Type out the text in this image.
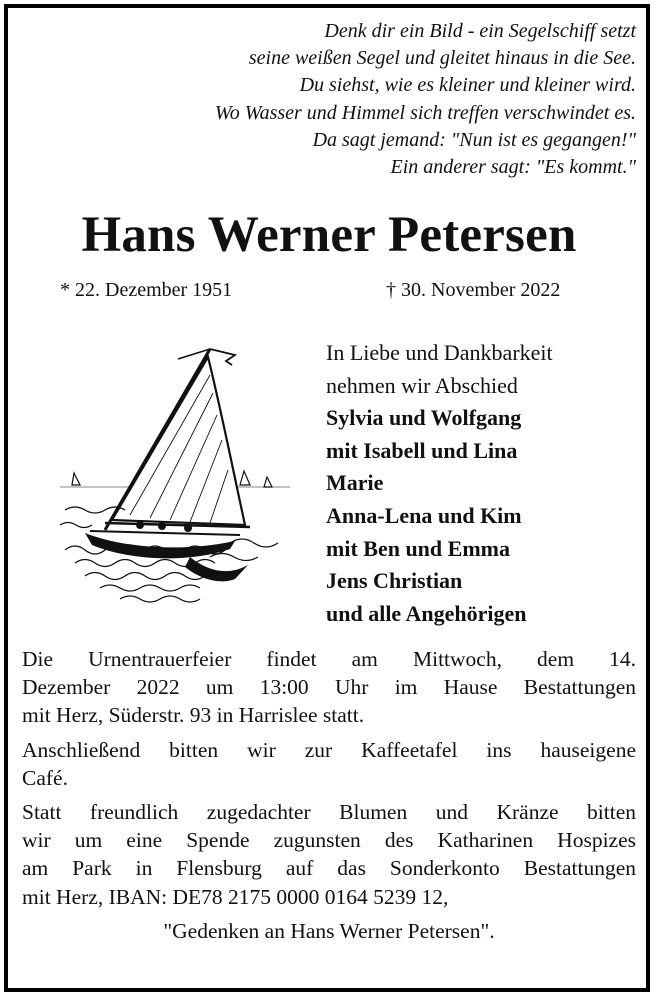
Denk dir ein Bild - ein Segelschiff setzt
seine weißen Segel und gleitet hinaus in die See.
Du siehst, wie es kleiner und kleiner wird.
Wo Wasser und Himmel sich treffen verschwindet es.
Da sagt jemand: "Nun ist es gegangen!"
Ein anderer sagt: "Es kommt."
Hans Werner Petersen
* 22. Dezember 1951	† 30. November 2022
In Liebe und Dankbarkeit
nehmen wir Abschied
Sylvia und Wolfgang
mit Isabell und Lina
Marie
Anna-Lena und Kim
mit Ben und Emma
Jens Christian
und alle Angehörigen
Die Urnentrauerfeier findet am Mittwoch, dem 14.
Dezember 2022 um 13:00 Uhr im Hause Bestattungen
mit Herz, Süderstr. 93 in Harrislee statt.
Anschließend bitten wir zur Kaffeetafel ins hauseigene
Café.
Statt freundlich zugedachter Blumen und Kränze bitten
wir um eine Spende zugunsten des Katharinen Hospizes
am Park in Flensburg auf das Sonderkonto Bestattungen
mit Herz, IBAN: DE78 2175 0000 0164 5239 12,
"Gedenken an Hans Werner Petersen".
